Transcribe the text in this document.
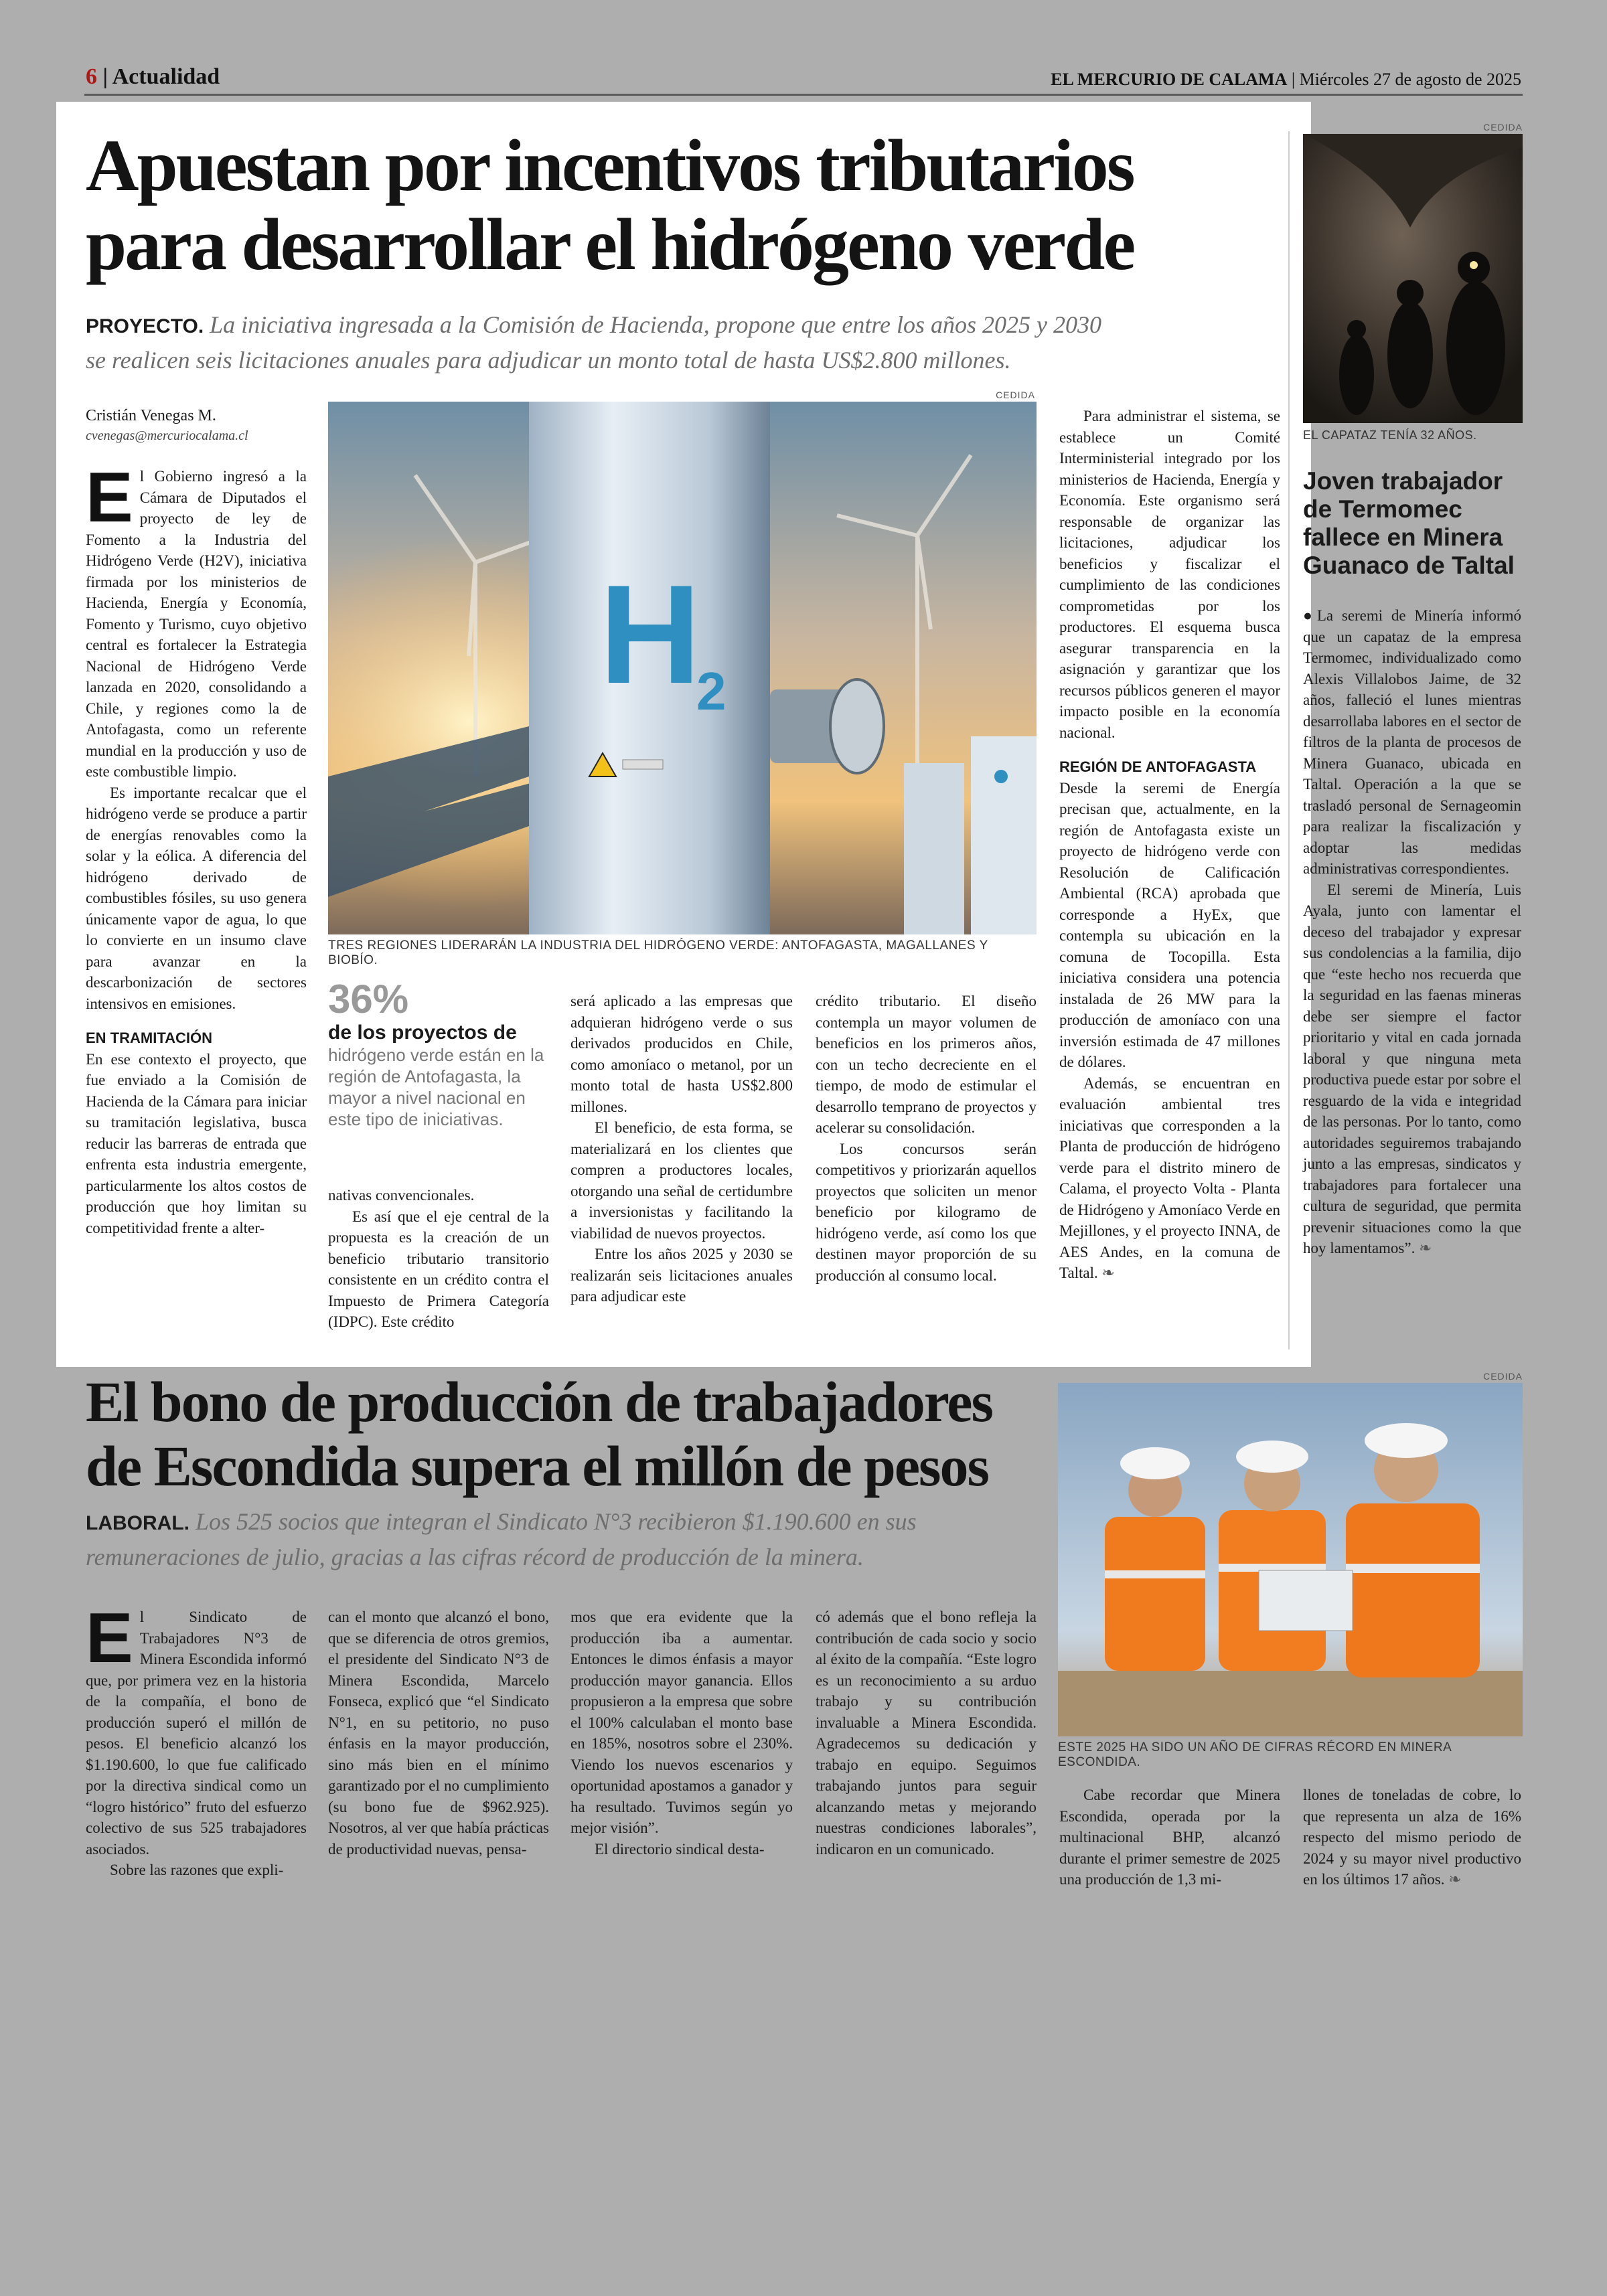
6 | Actualidad	EL MERCURIO DE CALAMA | Miércoles 27 de agosto de 2025
Apuestan por incentivos tributarios
para desarrollar el hidrógeno verde
PROYECTO. La iniciativa ingresada a la Comisión de Hacienda, propone que entre los años 2025 y 2030
se realicen seis licitaciones anuales para adjudicar un monto total de hasta US$2.800 millones.
Cristián Venegas M.
cvenegas@mercuriocalama.cl

El Gobierno ingresó a la Cámara de Diputados el proyecto de ley de Fomento a la Industria del Hidrógeno Verde (H2V), iniciativa firmada por los ministerios de Hacienda, Energía y Economía, Fomento y Turismo, cuyo objetivo central es fortalecer la Estrategia Nacional de Hidrógeno Verde lanzada en 2020, consolidando a Chile, y regiones como la de Antofagasta, como un referente mundial en la producción y uso de este combustible limpio.

Es importante recalcar que el hidrógeno verde se produce a partir de energías renovables como la solar y la eólica. A diferencia del hidrógeno derivado de combustibles fósiles, su uso genera únicamente vapor de agua, lo que lo convierte en un insumo clave para avanzar en la descarbonización de sectores intensivos en emisiones.

EN TRAMITACIÓN

En ese contexto el proyecto, que fue enviado a la Comisión de Hacienda de la Cámara para iniciar su tramitación legislativa, busca reducir las barreras de entrada que enfrenta esta industria emergente, particularmente los altos costos de producción que hoy limitan su competitividad frente a alter-

CEDIDA
H
2
TRES REGIONES LIDERARÁN LA INDUSTRIA DEL HIDRÓGENO VERDE: ANTOFAGASTA, MAGALLANES Y BIOBÍO.
36%
de los proyectos de
hidrógeno verde están en la región de Antofagasta, la mayor a nivel nacional en este tipo de iniciativas.

nativas convencionales.

Es así que el eje central de la propuesta es la creación de un beneficio tributario transitorio consistente en un crédito contra el Impuesto de Primera Categoría (IDPC). Este crédito

será aplicado a las empresas que adquieran hidrógeno verde o sus derivados producidos en Chile, como amoníaco o metanol, por un monto total de hasta US$2.800 millones.

El beneficio, de esta forma, se materializará en los clientes que compren a productores locales, otorgando una señal de certidumbre a inversionistas y facilitando la viabilidad de nuevos proyectos.

Entre los años 2025 y 2030 se realizarán seis licitaciones anuales para adjudicar este

crédito tributario. El diseño contempla un mayor volumen de beneficios en los primeros años, con un techo decreciente en el tiempo, de modo de estimular el desarrollo temprano de proyectos y acelerar su consolidación.

Los concursos serán competitivos y priorizarán aquellos proyectos que soliciten un menor beneficio por kilogramo de hidrógeno verde, así como los que destinen mayor proporción de su producción al consumo local.

Para administrar el sistema, se establece un Comité Interministerial integrado por los ministerios de Hacienda, Energía y Economía. Este organismo será responsable de organizar las licitaciones, adjudicar los beneficios y fiscalizar el cumplimiento de las condiciones comprometidas por los productores. El esquema busca asegurar transparencia en la asignación y garantizar que los recursos públicos generen el mayor impacto posible en la economía nacional.

REGIÓN DE ANTOFAGASTA

Desde la seremi de Energía precisan que, actualmente, en la región de Antofagasta existe un proyecto de hidrógeno verde con Resolución de Calificación Ambiental (RCA) aprobada que corresponde a HyEx, que contempla su ubicación en la comuna de Tocopilla. Esta iniciativa considera una potencia instalada de 26 MW para la producción de amoníaco con una inversión estimada de 47 millones de dólares.

Además, se encuentran en evaluación ambiental tres iniciativas que corresponden a la Planta de producción de hidrógeno verde para el distrito minero de Calama, el proyecto Volta - Planta de Hidrógeno y Amoníaco Verde en Mejillones, y el proyecto INNA, de AES Andes, en la comuna de Taltal. ❧

CEDIDA
EL CAPATAZ TENÍA 32 AÑOS.
Joven trabajador de Termomec fallece en Minera Guanaco de Taltal

●La seremi de Minería informó que un capataz de la empresa Termomec, individualizado como Alexis Villalobos Jaime, de 32 años, falleció el lunes mientras desarrollaba labores en el sector de filtros de la planta de procesos de Minera Guanaco, ubicada en Taltal. Operación a la que se trasladó personal de Sernageomin para realizar la fiscalización y adoptar las medidas administrativas correspondientes.

El seremi de Minería, Luis Ayala, junto con lamentar el deceso del trabajador y expresar sus condolencias a la familia, dijo que “este hecho nos recuerda que la seguridad en las faenas mineras debe ser siempre el factor prioritario y vital en cada jornada laboral y que ninguna meta productiva puede estar por sobre el resguardo de la vida e integridad de las personas. Por lo tanto, como autoridades seguiremos trabajando junto a las empresas, sindicatos y trabajadores para fortalecer una cultura de seguridad, que permita prevenir situaciones como la que hoy lamentamos”. ❧

El bono de producción de trabajadores
de Escondida supera el millón de pesos
LABORAL. Los 525 socios que integran el Sindicato N°3 recibieron $1.190.600 en sus
remuneraciones de julio, gracias a las cifras récord de producción de la minera.
CEDIDA
ESTE 2025 HA SIDO UN AÑO DE CIFRAS RÉCORD EN MINERA ESCONDIDA.

El Sindicato de Trabajadores N°3 de Minera Escondida informó que, por primera vez en la historia de la compañía, el bono de producción superó el millón de pesos. El beneficio alcanzó los $1.190.600, lo que fue calificado por la directiva sindical como un “logro histórico” fruto del esfuerzo colectivo de sus 525 trabajadores asociados.

Sobre las razones que expli-

can el monto que alcanzó el bono, que se diferencia de otros gremios, el presidente del Sindicato N°3 de Minera Escondida, Marcelo Fonseca, explicó que “el Sindicato N°1, en su petitorio, no puso énfasis en la mayor producción, sino más bien en el mínimo garantizado por el no cumplimiento (su bono fue de $962.925). Nosotros, al ver que había prácticas de productividad nuevas, pensa-

mos que era evidente que la producción iba a aumentar. Entonces le dimos énfasis a mayor producción mayor ganancia. Ellos propusieron a la empresa que sobre el 100% calculaban el monto base en 185%, nosotros sobre el 230%. Viendo los nuevos escenarios y oportunidad apostamos a ganador y ha resultado. Tuvimos según yo mejor visión”.

El directorio sindical desta-

có además que el bono refleja la contribución de cada socio y socio al éxito de la compañía. “Este logro es un reconocimiento a su arduo trabajo y su contribución invaluable a Minera Escondida. Agradecemos su dedicación y trabajo en equipo. Seguimos trabajando juntos para seguir alcanzando metas y mejorando nuestras condiciones laborales”, indicaron en un comunicado.

Cabe recordar que Minera Escondida, operada por la multinacional BHP, alcanzó durante el primer semestre de 2025 una producción de 1,3 mi-

llones de toneladas de cobre, lo que representa un alza de 16% respecto del mismo periodo de 2024 y su mayor nivel productivo en los últimos 17 años. ❧
